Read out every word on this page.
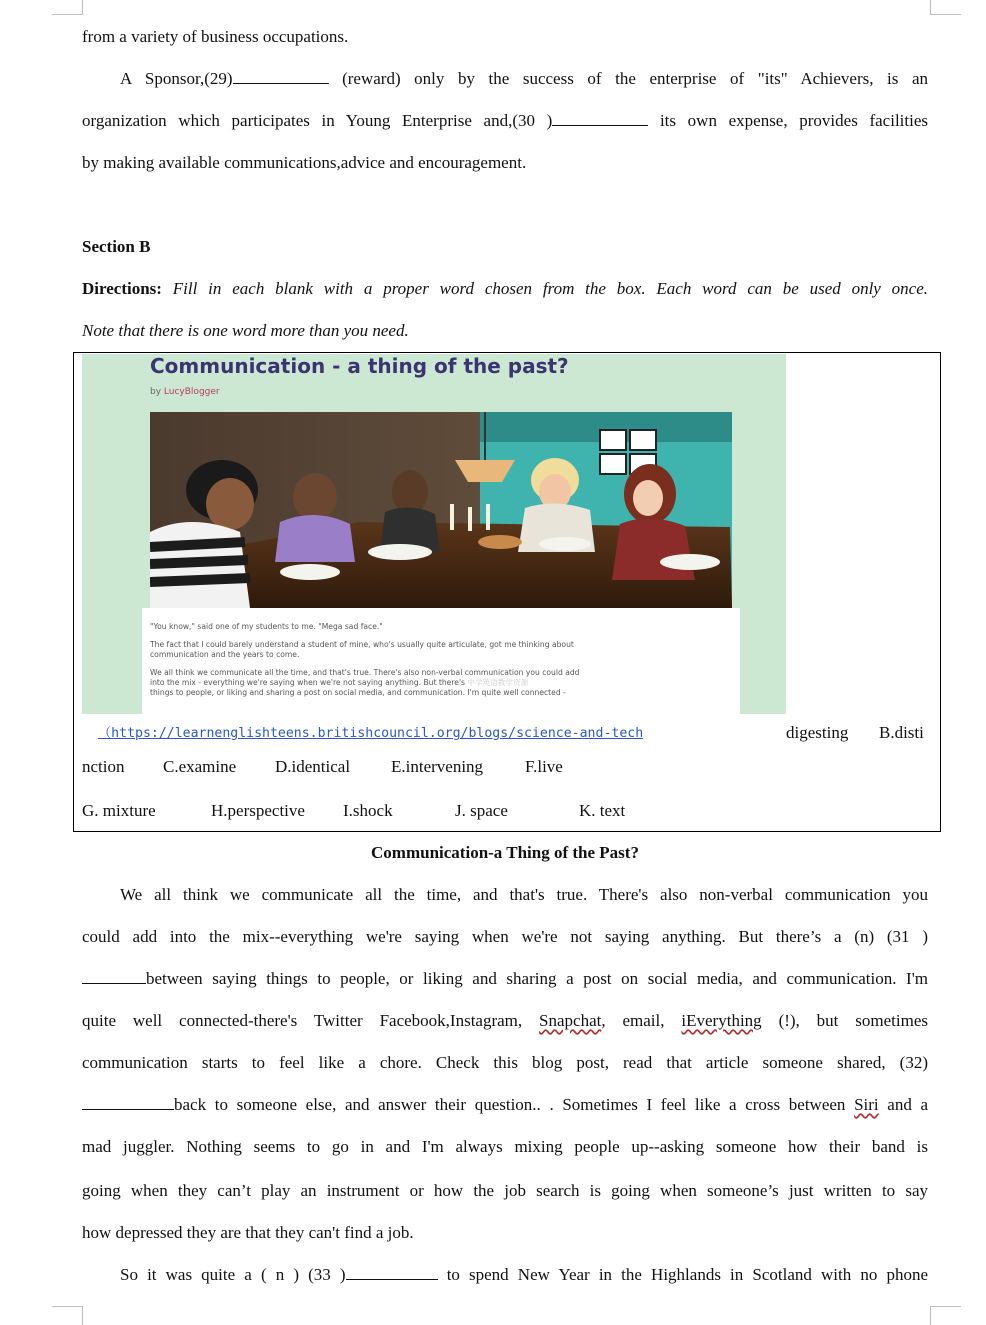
from a variety of business occupations.
A Sponsor,(29)	(reward) only by the success of the enterprise of "its" Achievers, is an
organization which participates in Young Enterprise and,(30 )	its own expense, provides facilities
by making available communications,advice and encouragement.
Section B
Directions: Fill in each blank with a proper word chosen from the box. Each word can be used only once.
Note that there is one word more than you need.
Communication - a thing of the past?
by LucyBlogger
"You know," said one of my students to me. "Mega sad face."
The fact that I could barely understand a student of mine, who's usually quite articulate, got me thinking about
communication and the years to come.
We all think we communicate all the time, and that's true. There's also non-verbal communication you could add
into the mix - everything we're saying when we're not saying anything. But there's 中学英语教学资源
things to people, or liking and sharing a post on social media, and communication. I'm quite well connected -
（https://learnenglishteens.britishcouncil.org/blogs/science-and-tech	digesting B.disti
nction C.examine D.identical E.intervening F.live
G. mixture	H.perspective I.shock	J. space	K. text
Communication-a Thing of the Past?
We all think we communicate all the time, and that's true. There's also non-verbal communication you
could add into the mix--everything we're saying when we're not saying anything. But there’s a (n) (31 )
between saying things to people, or liking and sharing a post on social media, and communication. I'm
quite well connected-there's Twitter Facebook,Instagram, Snapchat, email, iEverything (!), but sometimes
communication starts to feel like a chore. Check this blog post, read that article someone shared, (32)
back to someone else, and answer their question.. . Sometimes I feel like a cross between Siri and a
mad juggler. Nothing seems to go in and I'm always mixing people up--asking someone how their band is
going when they can’t play an instrument or how the job search is going when someone’s just written to say
how depressed they are that they can't find a job.
So it was quite a ( n ) (33 )	to spend New Year in the Highlands in Scotland with no phone
